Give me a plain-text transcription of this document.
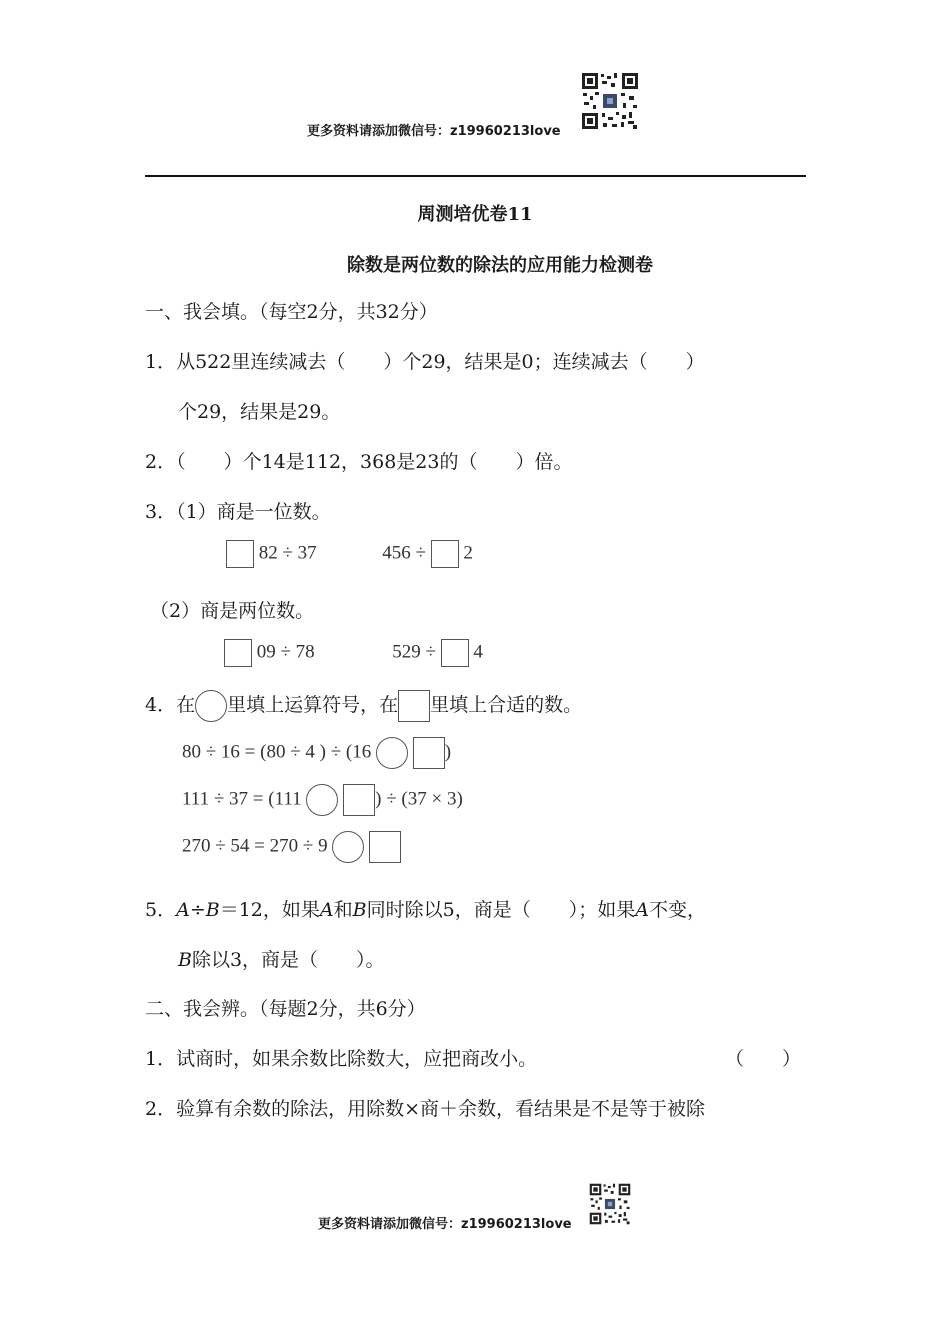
更多资料请添加微信号：z19960213love
周测培优卷11
除数是两位数的除法的应用能力检测卷
一、我会填。（每空2分，共32分）
1．从522里连续减去（　　）个29，结果是0；连续减去（　　）
个29，结果是29。
2．（　　）个14是112，368是23的（　　）倍。
3．（1）商是一位数。
82 ÷ 37	456 ÷ 2
（2）商是两位数。
09 ÷ 78	529 ÷ 4
4．在 里填上运算符号，在 里填上合适的数。
80 ÷ 16 = (80 ÷ 4 ) ÷ (16	)
111 ÷ 37 = (111	) ÷ (37 × 3)
270 ÷ 54 = 270 ÷ 9
5．A÷B＝12，如果A和B同时除以5，商是（　　）；如果A不变，
B除以3，商是（　　）。
二、我会辨。（每题2分，共6分）
1．试商时，如果余数比除数大，应把商改小。	（　　）
2．验算有余数的除法，用除数×商＋余数，看结果是不是等于被除
更多资料请添加微信号：z19960213love
